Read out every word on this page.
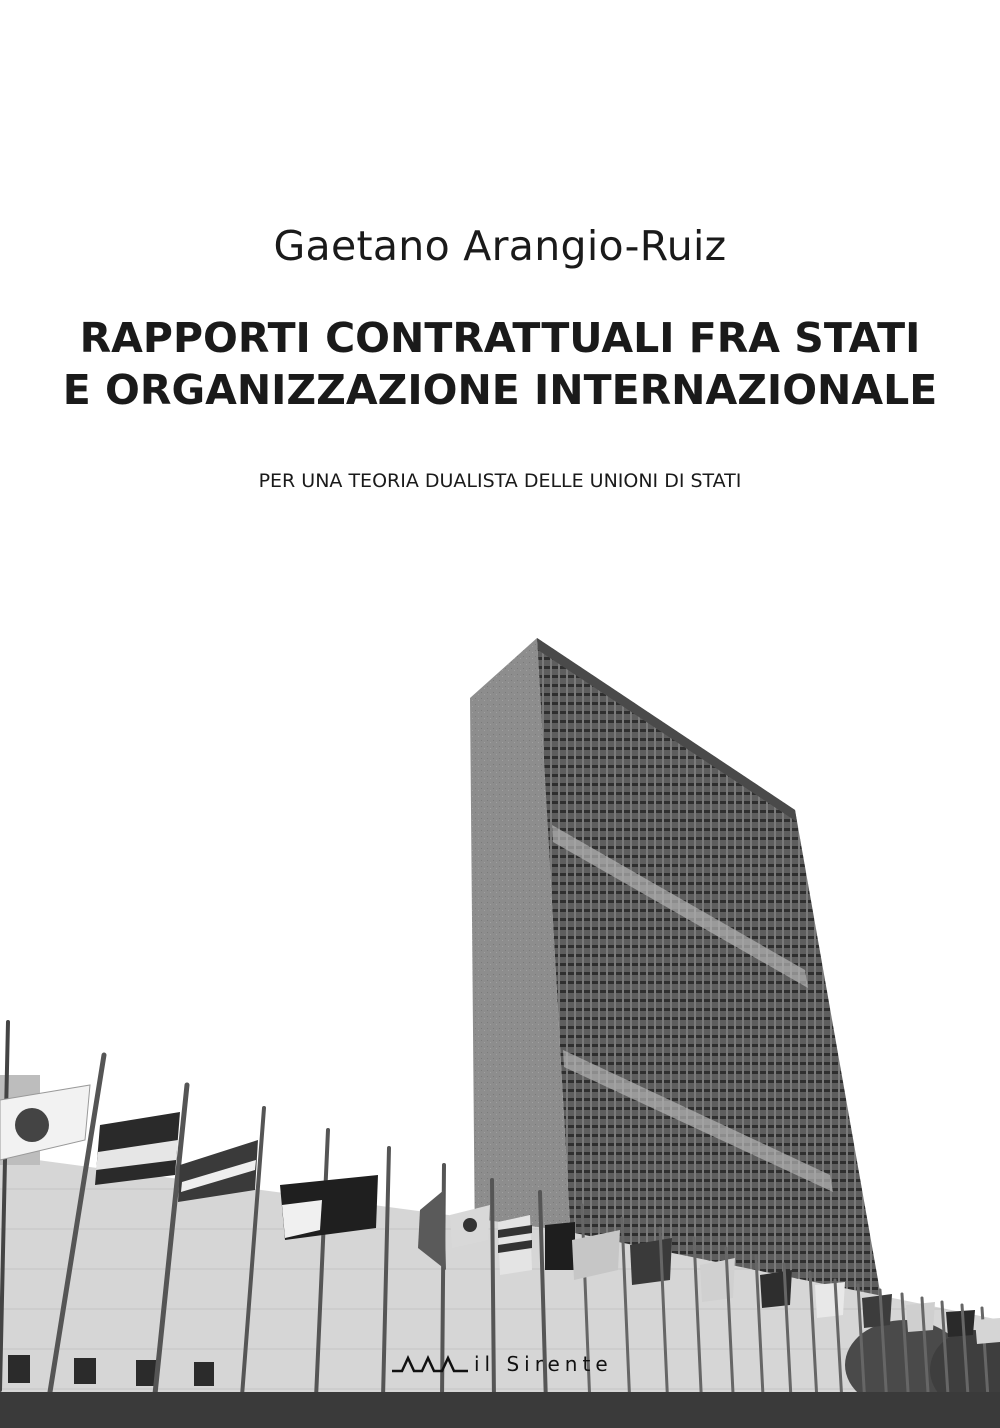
Gaetano Arangio-Ruiz
RAPPORTI CONTRATTUALI FRA STATI
E ORGANIZZAZIONE INTERNAZIONALE
PER UNA TEORIA DUALISTA DELLE UNIONI DI STATI
il Sirente
